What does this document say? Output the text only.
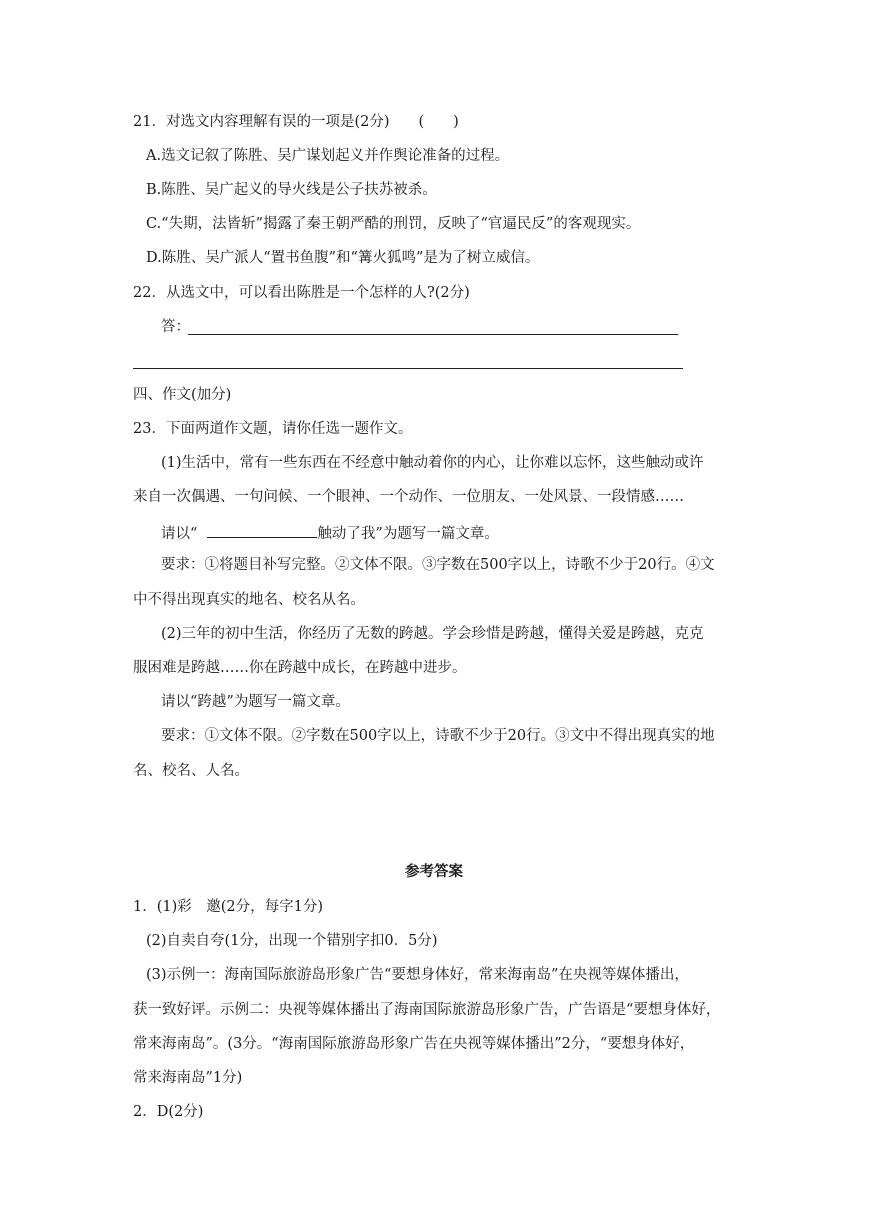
21．对选文内容理解有误的一项是(2分)　　(　　)
A.选文记叙了陈胜、吴广谋划起义并作舆论准备的过程。
B.陈胜、吴广起义的导火线是公子扶苏被杀。
C.“失期，法皆斩”揭露了秦王朝严酷的刑罚，反映了“官逼民反”的客观现实。
D.陈胜、吴广派人“置书鱼腹”和“篝火狐鸣”是为了树立威信。
22．从选文中，可以看出陈胜是一个怎样的人?(2分)
答：
四、作文(加分)
23．下面两道作文题，请你任选一题作文。
(1)生活中，常有一些东西在不经意中触动着你的内心，让你难以忘怀，这些触动或许
来自一次偶遇、一句问候、一个眼神、一个动作、一位朋友、一处风景、一段情感……
请以“	触动了我”为题写一篇文章。
要求：①将题目补写完整。②文体不限。③字数在500字以上，诗歌不少于20行。④文
中不得出现真实的地名、校名从名。
(2)三年的初中生活，你经历了无数的跨越。学会珍惜是跨越，懂得关爱是跨越，克克
服困难是跨越……你在跨越中成长，在跨越中进步。
请以“跨越”为题写一篇文章。
要求：①文体不限。②字数在500字以上，诗歌不少于20行。③文中不得出现真实的地
名、校名、人名。
参考答案
1．(1)彩　邀(2分，每字1分)
(2)自卖自夸(1分，出现一个错别字扣0．5分)
(3)示例一：海南国际旅游岛形象广告“要想身体好，常来海南岛”在央视等媒体播出，
获一致好评。示例二：央视等媒体播出了海南国际旅游岛形象广告，广告语是“要想身体好，
常来海南岛”。(3分。“海南国际旅游岛形象广告在央视等媒体播出”2分，“要想身体好，
常来海南岛”1分)
2．D(2分)
